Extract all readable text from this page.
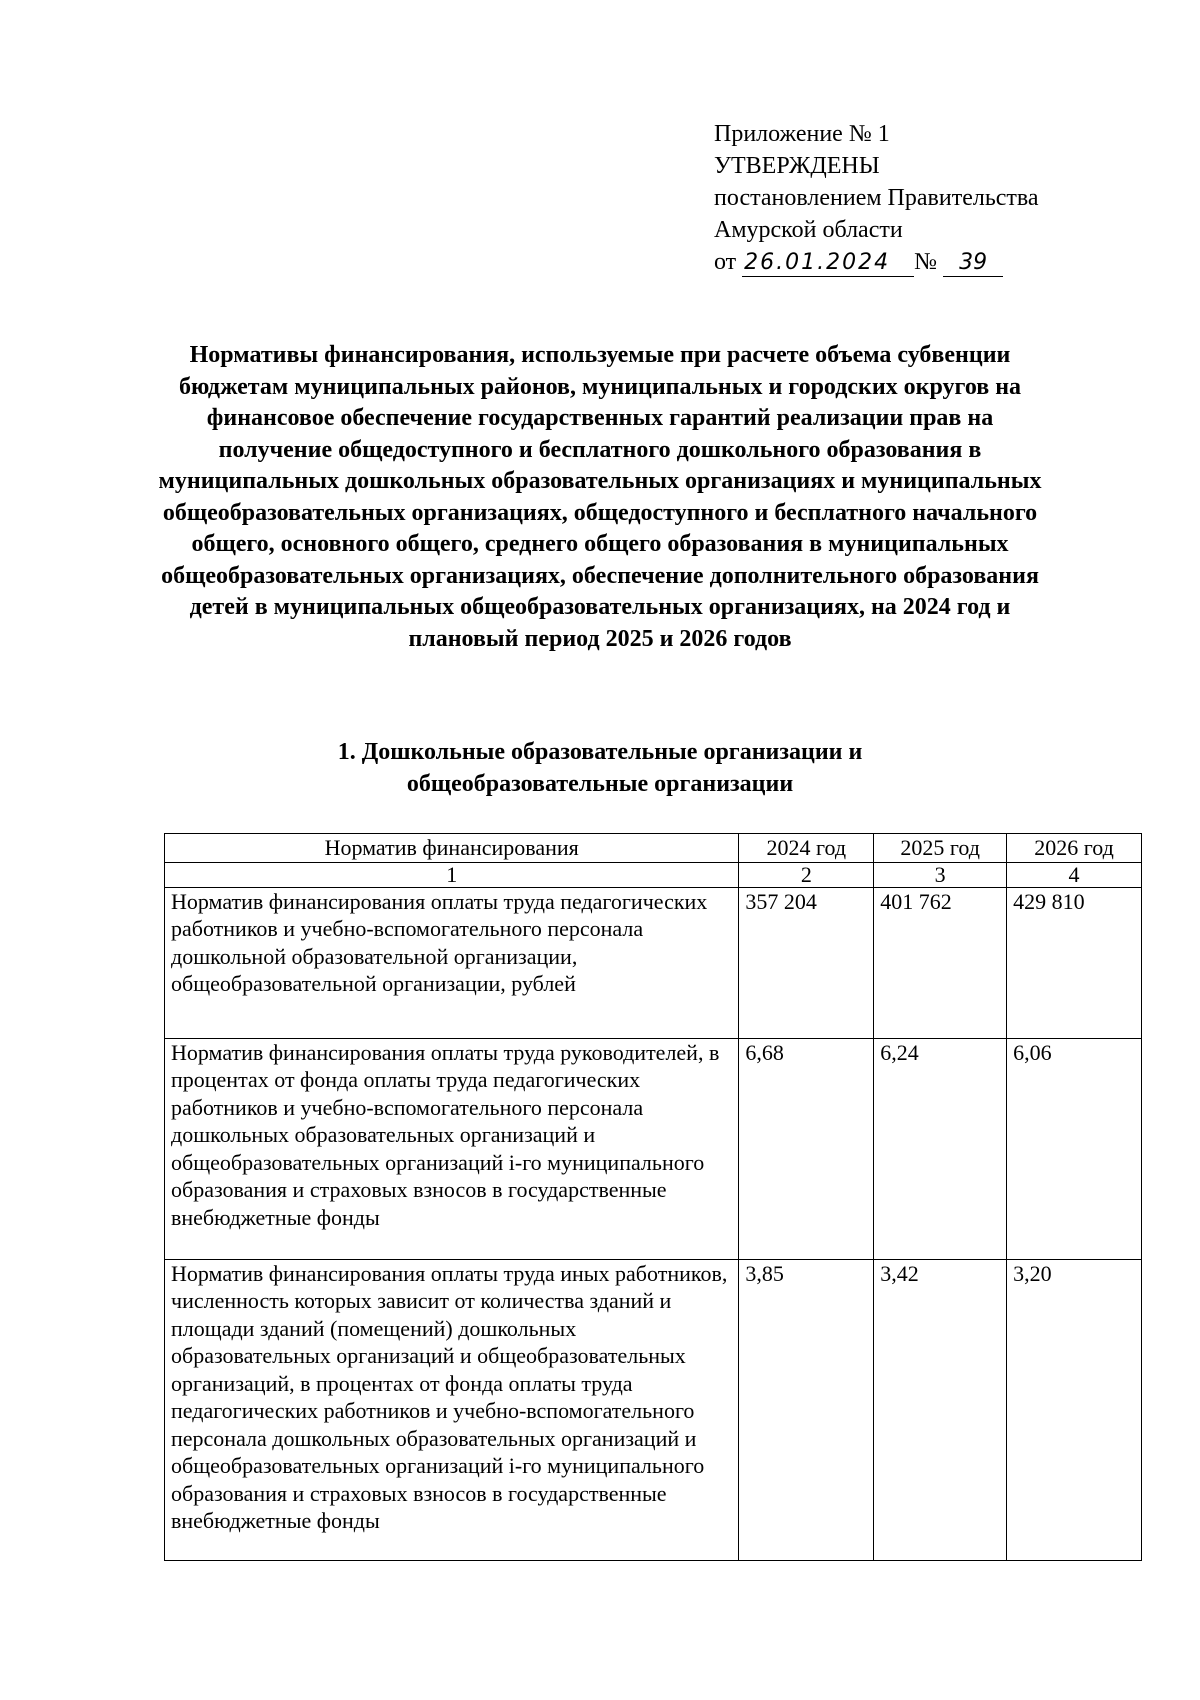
Приложение № 1
УТВЕРЖДЕНЫ
постановлением Правительства
Амурской области
от 26.01.2024 № 39
Нормативы финансирования, используемые при расчете объема субвенции бюджетам муниципальных районов, муниципальных и городских округов на финансовое обеспечение государственных гарантий реализации прав на получение общедоступного и бесплатного дошкольного образования в муниципальных дошкольных образовательных организациях и муниципальных общеобразовательных организациях, общедоступного и бесплатного начального общего, основного общего, среднего общего образования в муниципальных общеобразовательных организациях, обеспечение дополнительного образования детей в муниципальных общеобразовательных организациях, на 2024 год и плановый период 2025 и 2026 годов
1. Дошкольные образовательные организации и
общеобразовательные организации
Норматив финансирования	2024 год	2025 год	2026 год
1	2	3	4
Норматив финансирования оплаты труда педагогических работников и учебно-вспомогательного персонала дошкольной образовательной организации, общеобразовательной организации, рублей	357 204	401 762	429 810
Норматив финансирования оплаты труда руководителей, в процентах от фонда оплаты труда педагогических работников и учебно-вспомогательного персонала дошкольных образовательных организаций и общеобразовательных организаций i-го муниципального образования и страховых взносов в государственные внебюджетные фонды	6,68	6,24	6,06
Норматив финансирования оплаты труда иных работников, численность которых зависит от количества зданий и площади зданий (помещений) дошкольных образовательных организаций и общеобразовательных организаций, в процентах от фонда оплаты труда педагогических работников и учебно-вспомогательного персонала дошкольных образовательных организаций и общеобразовательных организаций i-го муниципального образования и страховых взносов в государственные внебюджетные фонды	3,85	3,42	3,20
